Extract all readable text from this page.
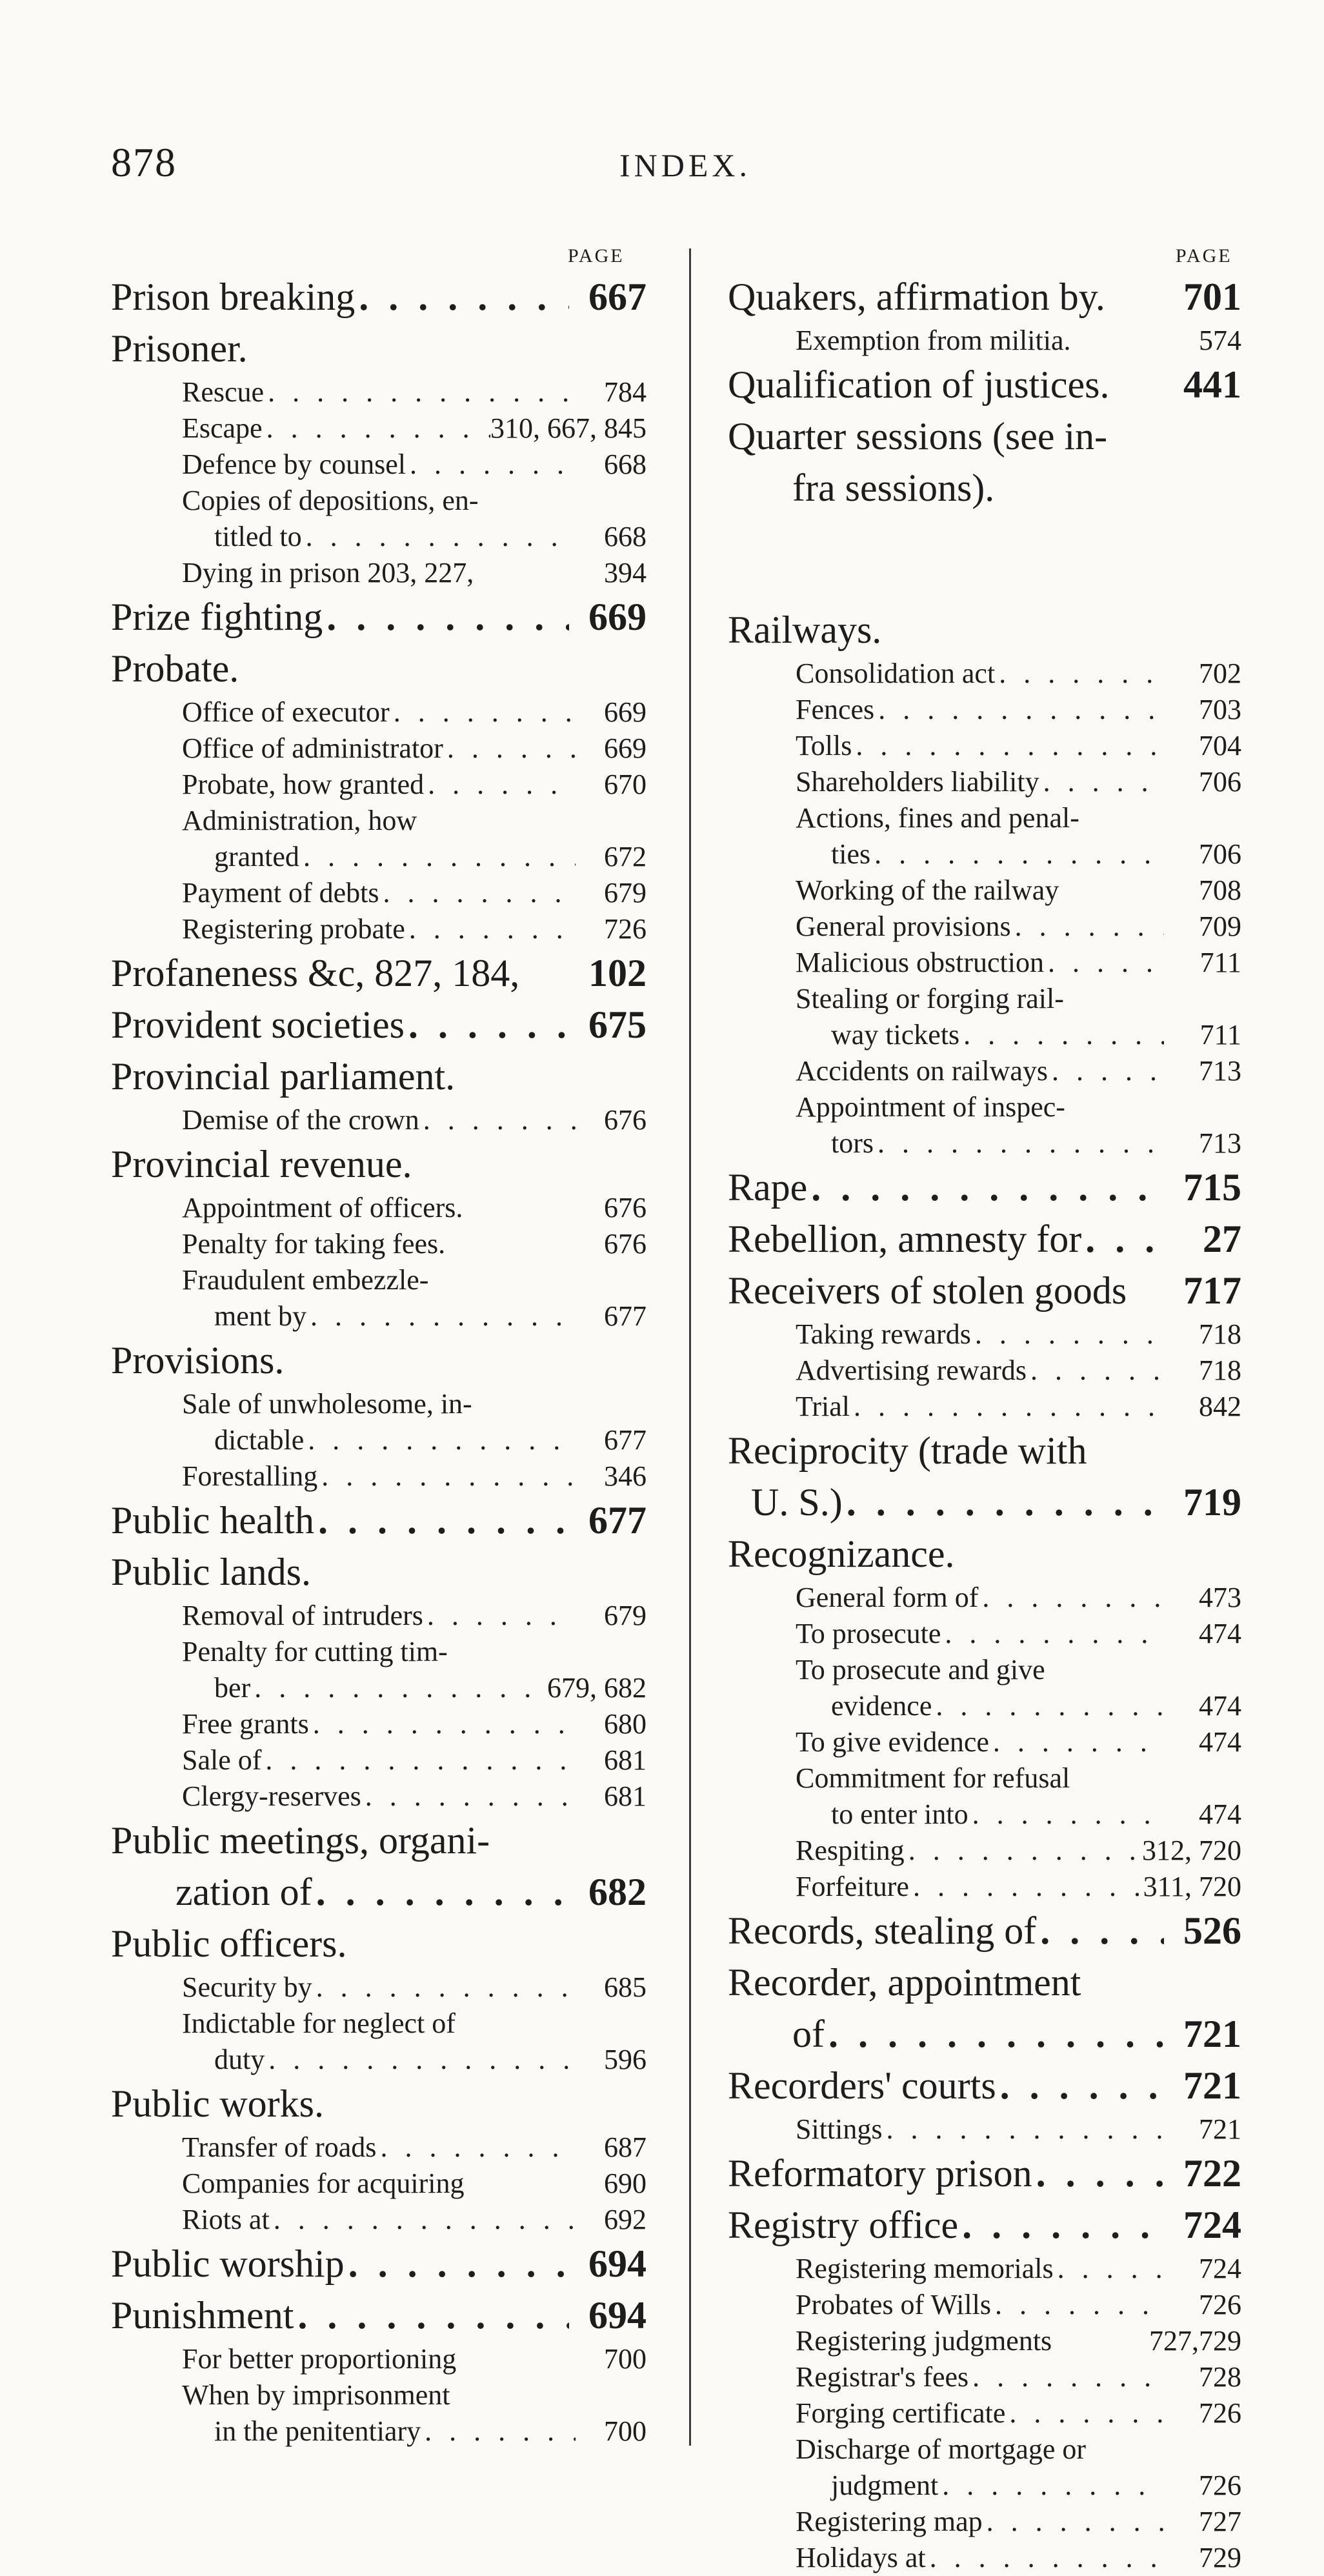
878	INDEX.
PAGE	PAGE
Prison breaking . . .	667
Prisoner.
Rescue . . .	784
Escape . . .	310, 667, 845
Defence by counsel . . .	668
Copies of depositions, en-
titled to . . .	668
Dying in prison 203, 227,	394
Prize fighting . . .	669
Probate.
Office of executor . . .	669
Office of administrator . . .	669
Probate, how granted . . .	670
Administration, how
granted . . .	672
Payment of debts . . .	679
Registering probate . . .	726
Profaneness &c, 827, 184,	102
Provident societies . . .	675
Provincial parliament.
Demise of the crown . . .	676
Provincial revenue.
Appointment of officers.	676
Penalty for taking fees.	676
Fraudulent embezzle-
ment by . . .	677
Provisions.
Sale of unwholesome, in-
dictable . . .	677
Forestalling . . .	346
Public health . . .	677
Public lands.
Removal of intruders . . .	679
Penalty for cutting tim-
ber . . .	679, 682
Free grants . . .	680
Sale of . . .	681
Clergy-reserves . . .	681
Public meetings, organi-
zation of . . .	682
Public officers.
Security by . . .	685
Indictable for neglect of
duty . . .	596
Public works.
Transfer of roads . . .	687
Companies for acquiring	690
Riots at . . .	692
Public worship . . .	694
Punishment . . .	694
For better proportioning	700
When by imprisonment
in the penitentiary . . .	700
Quakers, affirmation by.	701
Exemption from militia.	574
Qualification of justices.	441
Quarter sessions (see in-
fra sessions).
Railways.
Consolidation act . . .	702
Fences . . .	703
Tolls . . .	704
Shareholders liability . . .	706
Actions, fines and penal-
ties . . .	706
Working of the railway	708
General provisions . . .	709
Malicious obstruction . . .	711
Stealing or forging rail-
way tickets . . .	711
Accidents on railways . . .	713
Appointment of inspec-
tors . . .	713
Rape . . .	715
Rebellion, amnesty for . . .	27
Receivers of stolen goods	717
Taking rewards . . .	718
Advertising rewards . . .	718
Trial . . .	842
Reciprocity (trade with
U. S.) . . .	719
Recognizance.
General form of . . .	473
To prosecute . . .	474
To prosecute and give
evidence . . .	474
To give evidence . . .	474
Commitment for refusal
to enter into . . .	474
Respiting . . .	312, 720
Forfeiture . . .	311, 720
Records, stealing of . . .	526
Recorder, appointment
of . . .	721
Recorders' courts . . .	721
Sittings . . .	721
Reformatory prison . . .	722
Registry office . . .	724
Registering memorials . . .	724
Probates of Wills . . .	726
Registering judgments	727,729
Registrar's fees . . .	728
Forging certificate . . .	726
Discharge of mortgage or
judgment . . .	726
Registering map . . .	727
Holidays at . . .	729
